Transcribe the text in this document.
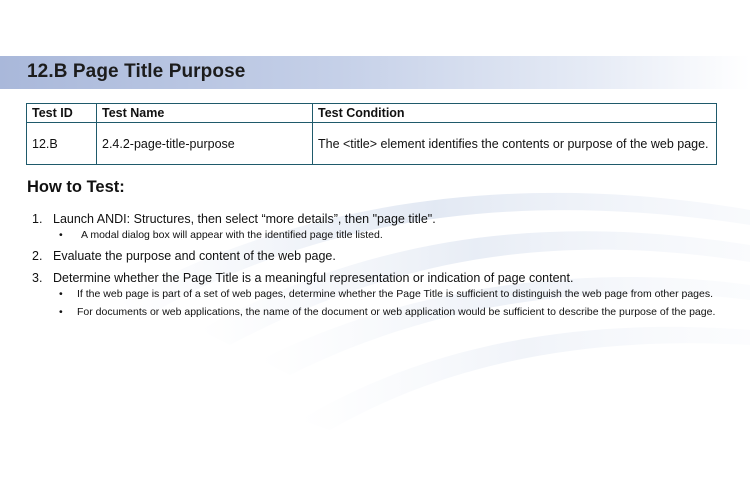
12.B Page Title Purpose
Test ID	Test Name	Test Condition
12.B	2.4.2-page-title-purpose	The <title> element identifies the contents or purpose of the web page.
How to Test:
1. Launch ANDI: Structures, then select “more details”, then "page title".
• A modal dialog box will appear with the identified page title listed.
2. Evaluate the purpose and content of the web page.
3. Determine whether the Page Title is a meaningful representation or indication of page content.
• If the web page is part of a set of web pages, determine whether the Page Title is sufficient to distinguish the web page from other pages.
• For documents or web applications, the name of the document or web application would be sufficient to describe the purpose of the page.
